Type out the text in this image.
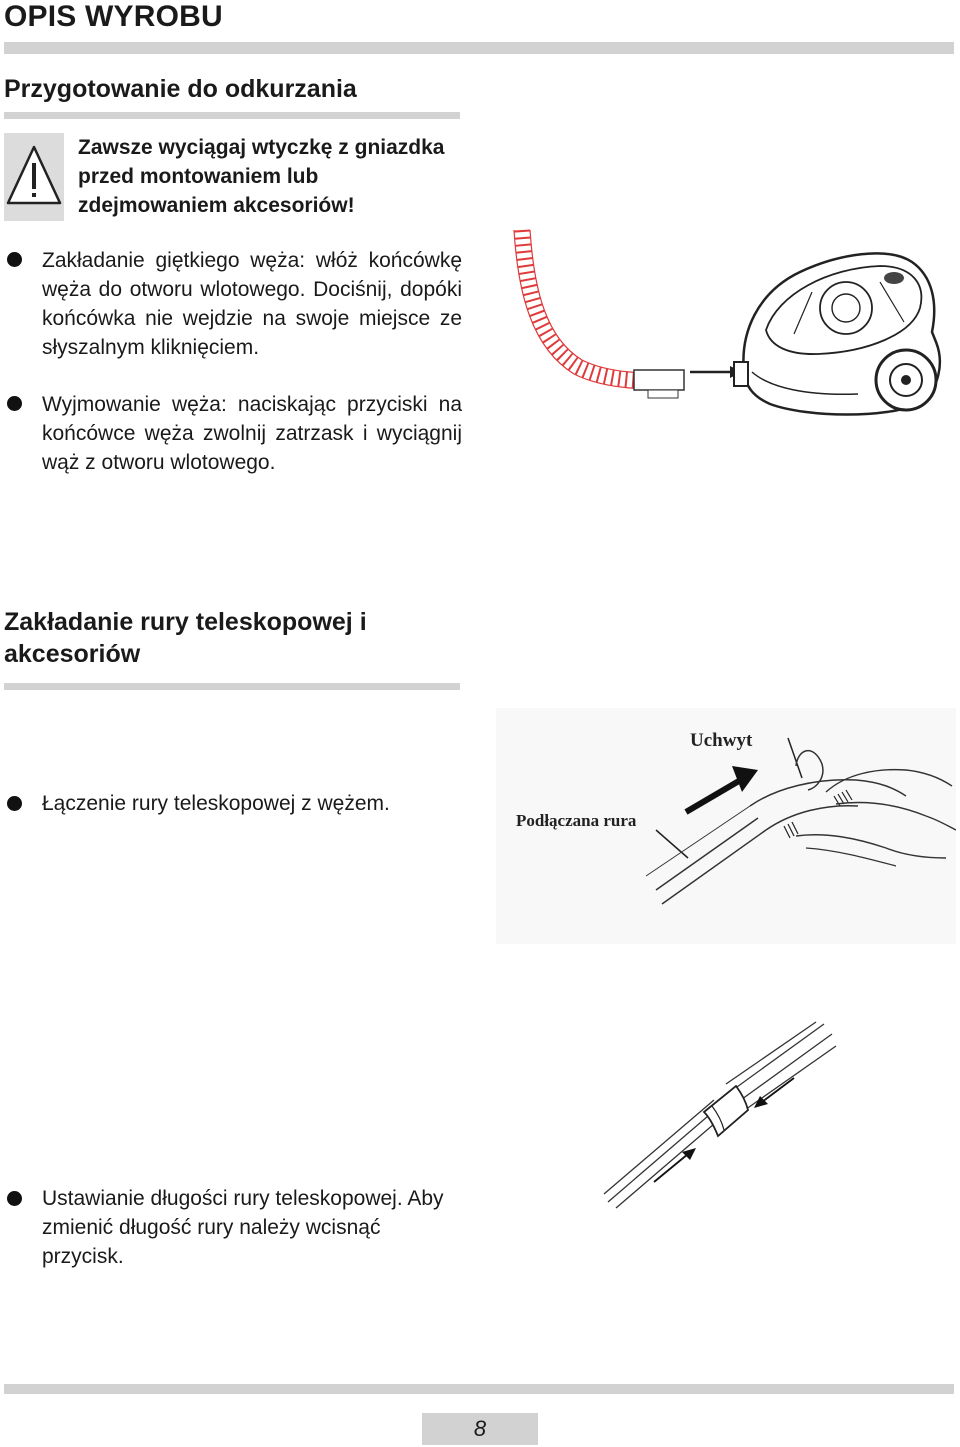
OPIS WYROBU
Przygotowanie do odkurzania
Zawsze wyciągaj wtyczkę z gniazdka przed montowaniem lub zdejmowaniem akcesoriów!
Zakładanie giętkiego węża: włóż końcówkę węża do otworu wlotowego. Dociśnij, dopóki końcówka nie wejdzie na swoje miejsce ze słyszalnym kliknięciem.
Wyjmowanie węża: naciskając przyciski na końcówce węża zwolnij zatrzask i wyciągnij wąż z otworu wlotowego.
Zakładanie rury teleskopowej i akcesoriów
Łączenie rury teleskopowej z wężem.
Uchwyt
Podłączana rura
Ustawianie długości rury teleskopowej. Aby zmienić długość rury należy wcisnąć przycisk.
8
